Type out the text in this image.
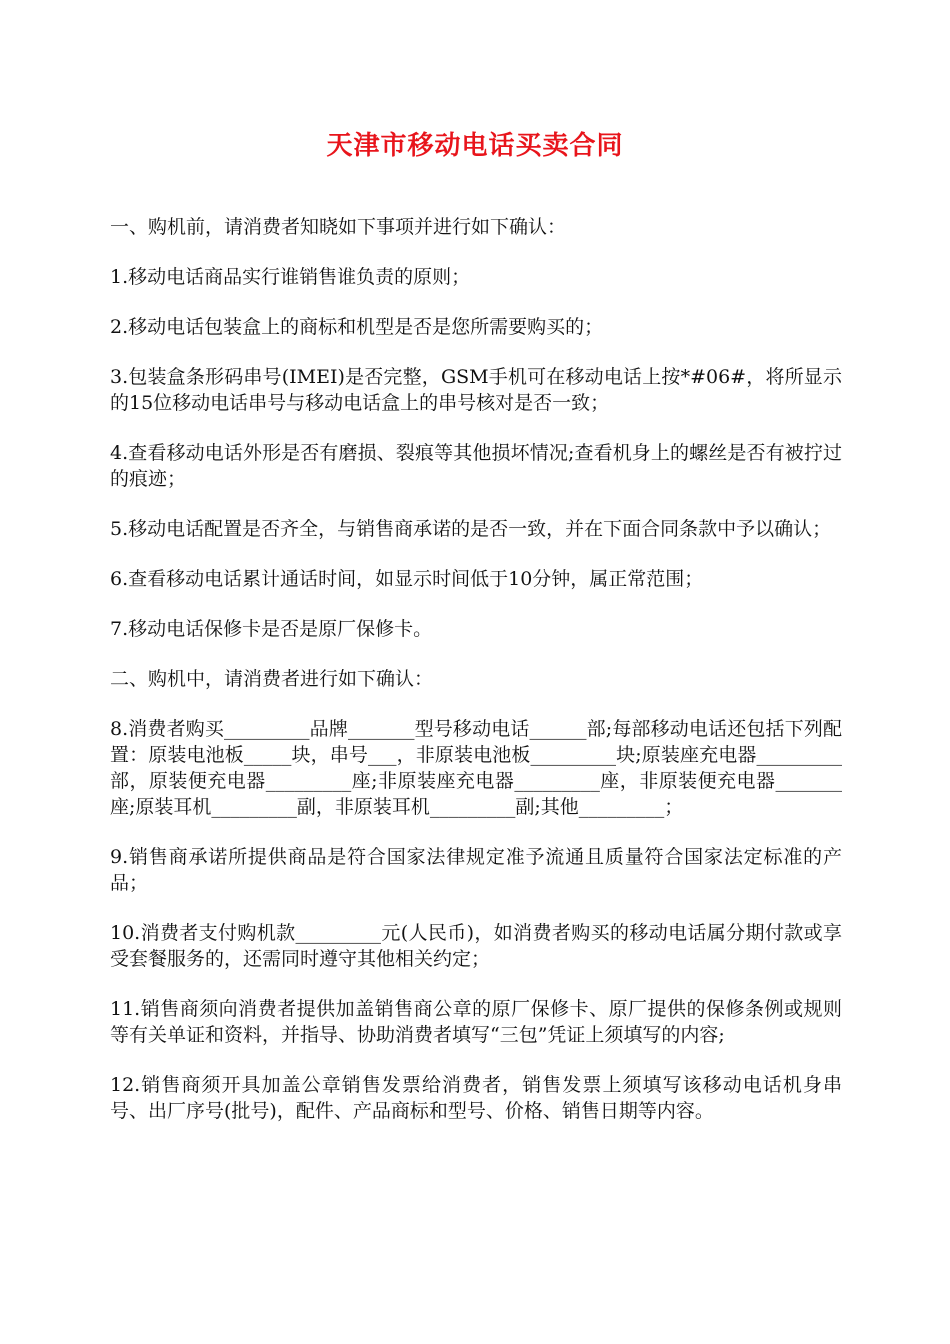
天津市移动电话买卖合同

一、购机前，请消费者知晓如下事项并进行如下确认：

1.移动电话商品实行谁销售谁负责的原则；

2.移动电话包装盒上的商标和机型是否是您所需要购买的；

3.包装盒条形码串号(IMEI)是否完整，GSM手机可在移动电话上按*#06#，将所显示的15位移动电话串号与移动电话盒上的串号核对是否一致；

4.查看移动电话外形是否有磨损、裂痕等其他损坏情况;查看机身上的螺丝是否有被拧过的痕迹；

5.移动电话配置是否齐全，与销售商承诺的是否一致，并在下面合同条款中予以确认；

6.查看移动电话累计通话时间，如显示时间低于10分钟，属正常范围；

7.移动电话保修卡是否是原厂保修卡。

二、购机中，请消费者进行如下确认：

8.消费者购买_________品牌_______型号移动电话______部;每部移动电话还包括下列配置：原装电池板_____块，串号___，非原装电池板_________块;原装座充电器_________部，原装便充电器_________座;非原装座充电器_________座，非原装便充电器_______座;原装耳机_________副，非原装耳机_________副;其他_________；

9.销售商承诺所提供商品是符合国家法律规定准予流通且质量符合国家法定标准的产品；

10.消费者支付购机款_________元(人民币)，如消费者购买的移动电话属分期付款或享受套餐服务的，还需同时遵守其他相关约定；

11.销售商须向消费者提供加盖销售商公章的原厂保修卡、原厂提供的保修条例或规则等有关单证和资料，并指导、协助消费者填写“三包”凭证上须填写的内容;

12.销售商须开具加盖公章销售发票给消费者，销售发票上须填写该移动电话机身串号、出厂序号(批号)，配件、产品商标和型号、价格、销售日期等内容。
